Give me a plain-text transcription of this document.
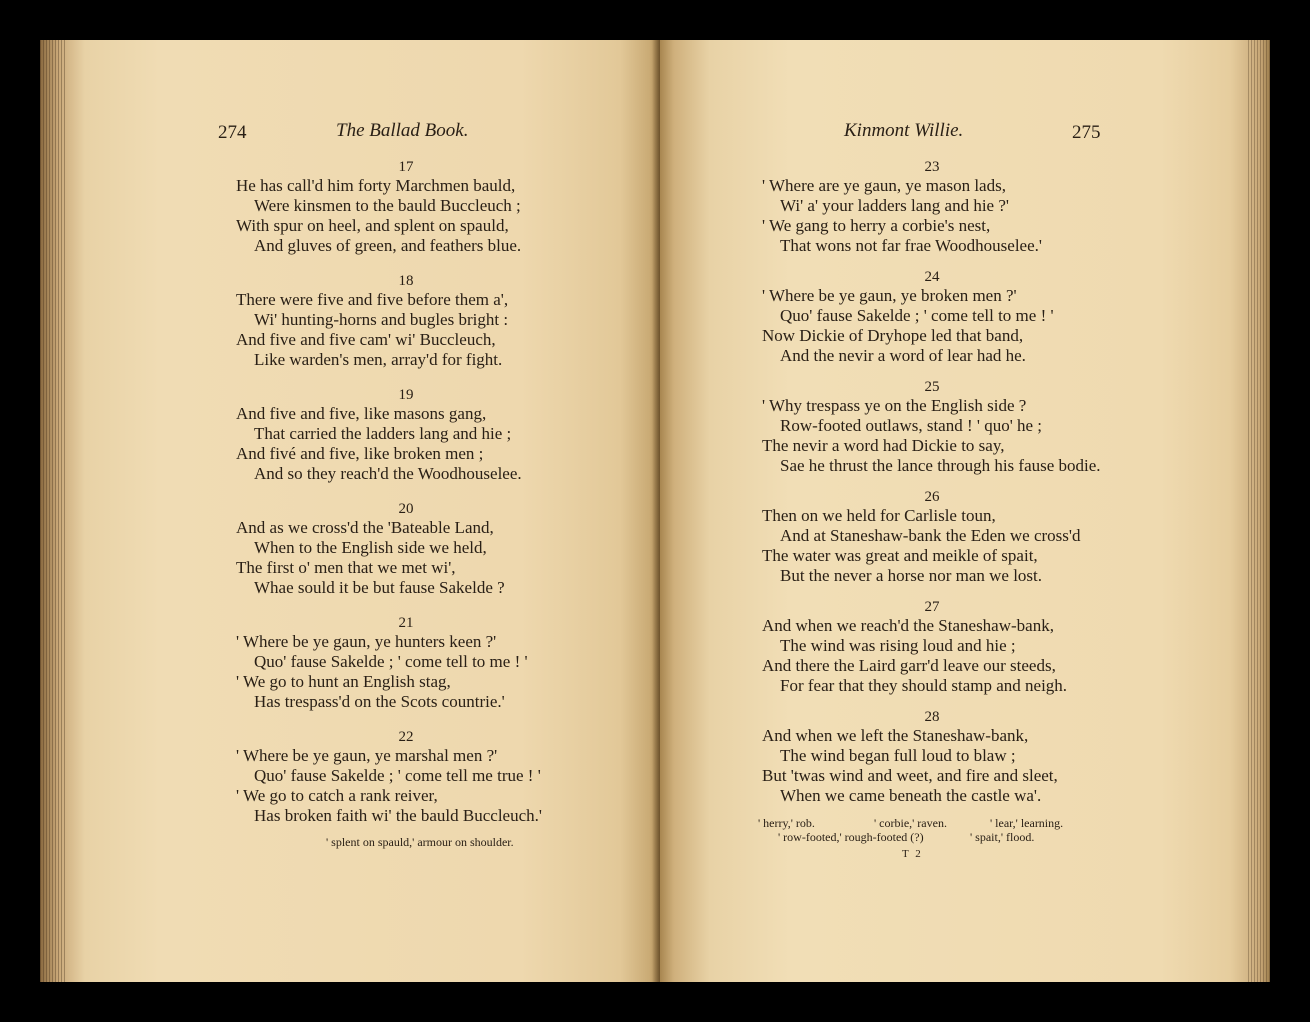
274	The Ballad Book.
17
He has call'd him forty Marchmen bauld,
Were kinsmen to the bauld Buccleuch ;
With spur on heel, and splent on spauld,
And gluves of green, and feathers blue.
18
There were five and five before them a',
Wi' hunting-horns and bugles bright :
And five and five cam' wi' Buccleuch,
Like warden's men, array'd for fight.
19
And five and five, like masons gang,
That carried the ladders lang and hie ;
And fivé and five, like broken men ;
And so they reach'd the Woodhouselee.
20
And as we cross'd the 'Bateable Land,
When to the English side we held,
The first o' men that we met wi',
Whae sould it be but fause Sakelde ?
21
' Where be ye gaun, ye hunters keen ?'
Quo' fause Sakelde ; ' come tell to me ! '
' We go to hunt an English stag,
Has trespass'd on the Scots countrie.'
22
' Where be ye gaun, ye marshal men ?'
Quo' fause Sakelde ; ' come tell me true ! '
' We go to catch a rank reiver,
Has broken faith wi' the bauld Buccleuch.'
' splent on spauld,' armour on shoulder.
Kinmont Willie.	275
23
' Where are ye gaun, ye mason lads,
Wi' a' your ladders lang and hie ?'
' We gang to herry a corbie's nest,
That wons not far frae Woodhouselee.'
24
' Where be ye gaun, ye broken men ?'
Quo' fause Sakelde ; ' come tell to me ! '
Now Dickie of Dryhope led that band,
And the nevir a word of lear had he.
25
' Why trespass ye on the English side ?
Row-footed outlaws, stand ! ' quo' he ;
The nevir a word had Dickie to say,
Sae he thrust the lance through his fause bodie.
26
Then on we held for Carlisle toun,
And at Staneshaw-bank the Eden we cross'd
The water was great and meikle of spait,
But the never a horse nor man we lost.
27
And when we reach'd the Staneshaw-bank,
The wind was rising loud and hie ;
And there the Laird garr'd leave our steeds,
For fear that they should stamp and neigh.
28
And when we left the Staneshaw-bank,
The wind began full loud to blaw ;
But 'twas wind and weet, and fire and sleet,
When we came beneath the castle wa'.
' herry,' rob.	' corbie,' raven.	' lear,' learning.
' row-footed,' rough-footed (?)	' spait,' flood.
T 2
